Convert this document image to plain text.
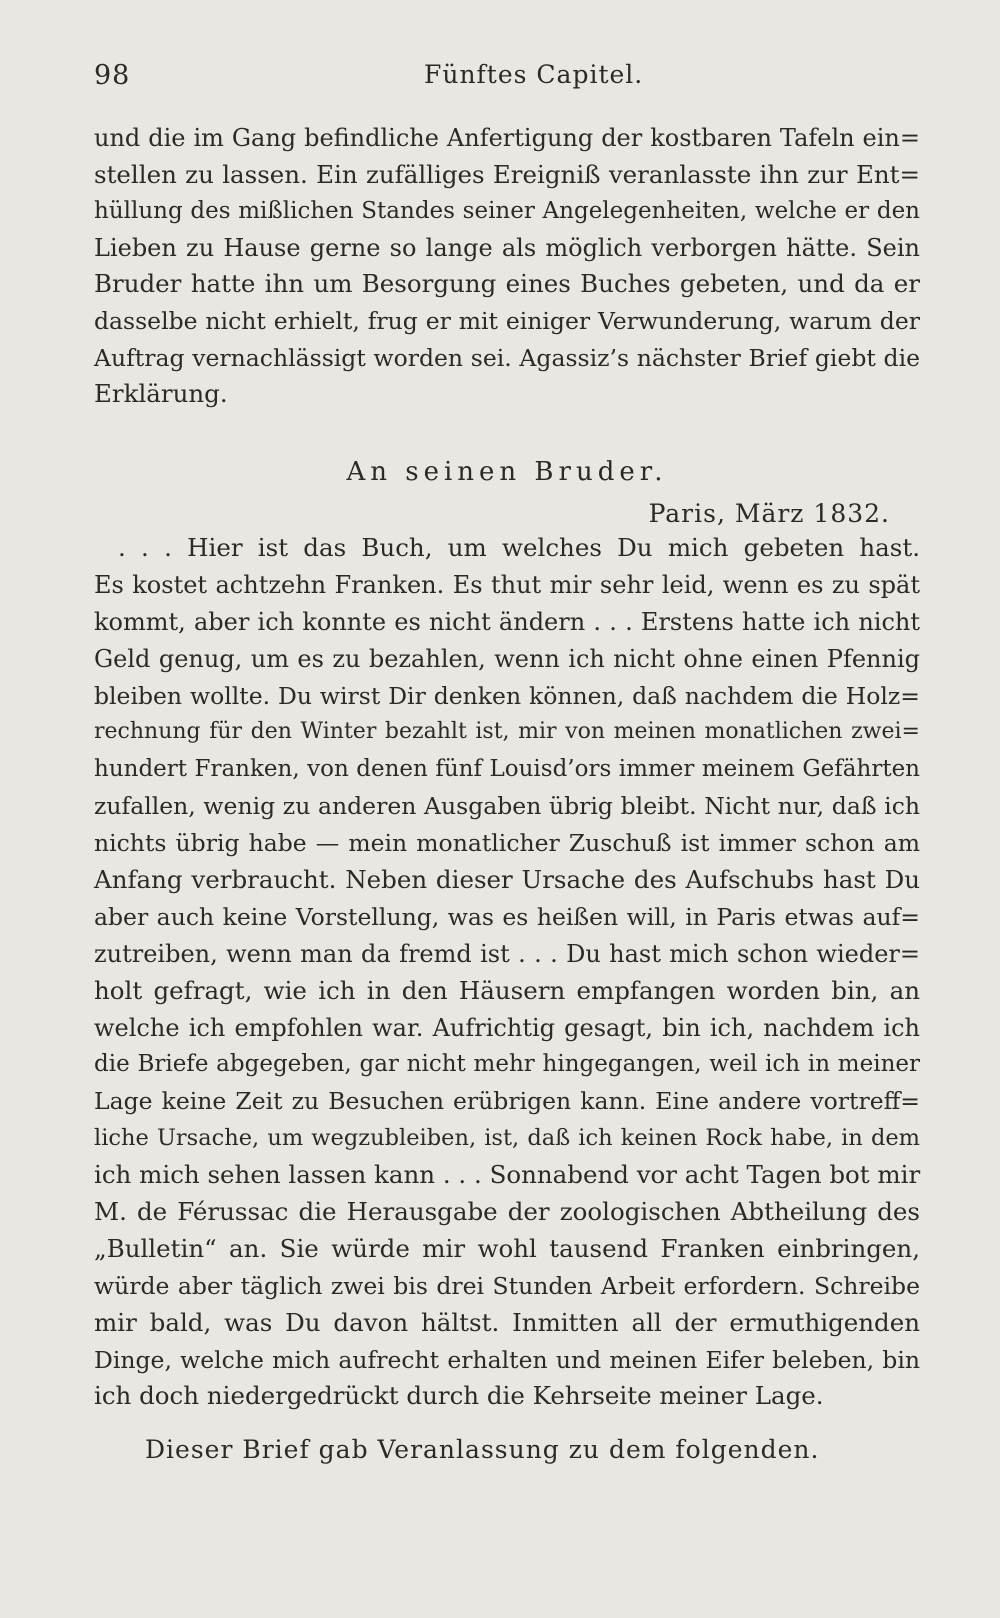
98	Fünftes Capitel.
und die im Gang befindliche Anfertigung der kostbaren Tafeln ein=
stellen zu lassen. Ein zufälliges Ereigniß veranlasste ihn zur Ent=
hüllung des mißlichen Standes seiner Angelegenheiten, welche er den
Lieben zu Hause gerne so lange als möglich verborgen hätte. Sein
Bruder hatte ihn um Besorgung eines Buches gebeten, und da er
dasselbe nicht erhielt, frug er mit einiger Verwunderung, warum der
Auftrag vernachlässigt worden sei. Agassiz’s nächster Brief giebt die
Erklärung.
An seinen Bruder.
Paris, März 1832.
. . . Hier ist das Buch, um welches Du mich gebeten hast.
Es kostet achtzehn Franken. Es thut mir sehr leid, wenn es zu spät
kommt, aber ich konnte es nicht ändern . . . Erstens hatte ich nicht
Geld genug, um es zu bezahlen, wenn ich nicht ohne einen Pfennig
bleiben wollte. Du wirst Dir denken können, daß nachdem die Holz=
rechnung für den Winter bezahlt ist, mir von meinen monatlichen zwei=
hundert Franken, von denen fünf Louisd’ors immer meinem Gefährten
zufallen, wenig zu anderen Ausgaben übrig bleibt. Nicht nur, daß ich
nichts übrig habe — mein monatlicher Zuschuß ist immer schon am
Anfang verbraucht. Neben dieser Ursache des Aufschubs hast Du
aber auch keine Vorstellung, was es heißen will, in Paris etwas auf=
zutreiben, wenn man da fremd ist . . . Du hast mich schon wieder=
holt gefragt, wie ich in den Häusern empfangen worden bin, an
welche ich empfohlen war. Aufrichtig gesagt, bin ich, nachdem ich
die Briefe abgegeben, gar nicht mehr hingegangen, weil ich in meiner
Lage keine Zeit zu Besuchen erübrigen kann. Eine andere vortreff=
liche Ursache, um wegzubleiben, ist, daß ich keinen Rock habe, in dem
ich mich sehen lassen kann . . . Sonnabend vor acht Tagen bot mir
M. de Férussac die Herausgabe der zoologischen Abtheilung des
„Bulletin“ an. Sie würde mir wohl tausend Franken einbringen,
würde aber täglich zwei bis drei Stunden Arbeit erfordern. Schreibe
mir bald, was Du davon hältst. Inmitten all der ermuthigenden
Dinge, welche mich aufrecht erhalten und meinen Eifer beleben, bin
ich doch niedergedrückt durch die Kehrseite meiner Lage.
Dieser Brief gab Veranlassung zu dem folgenden.
